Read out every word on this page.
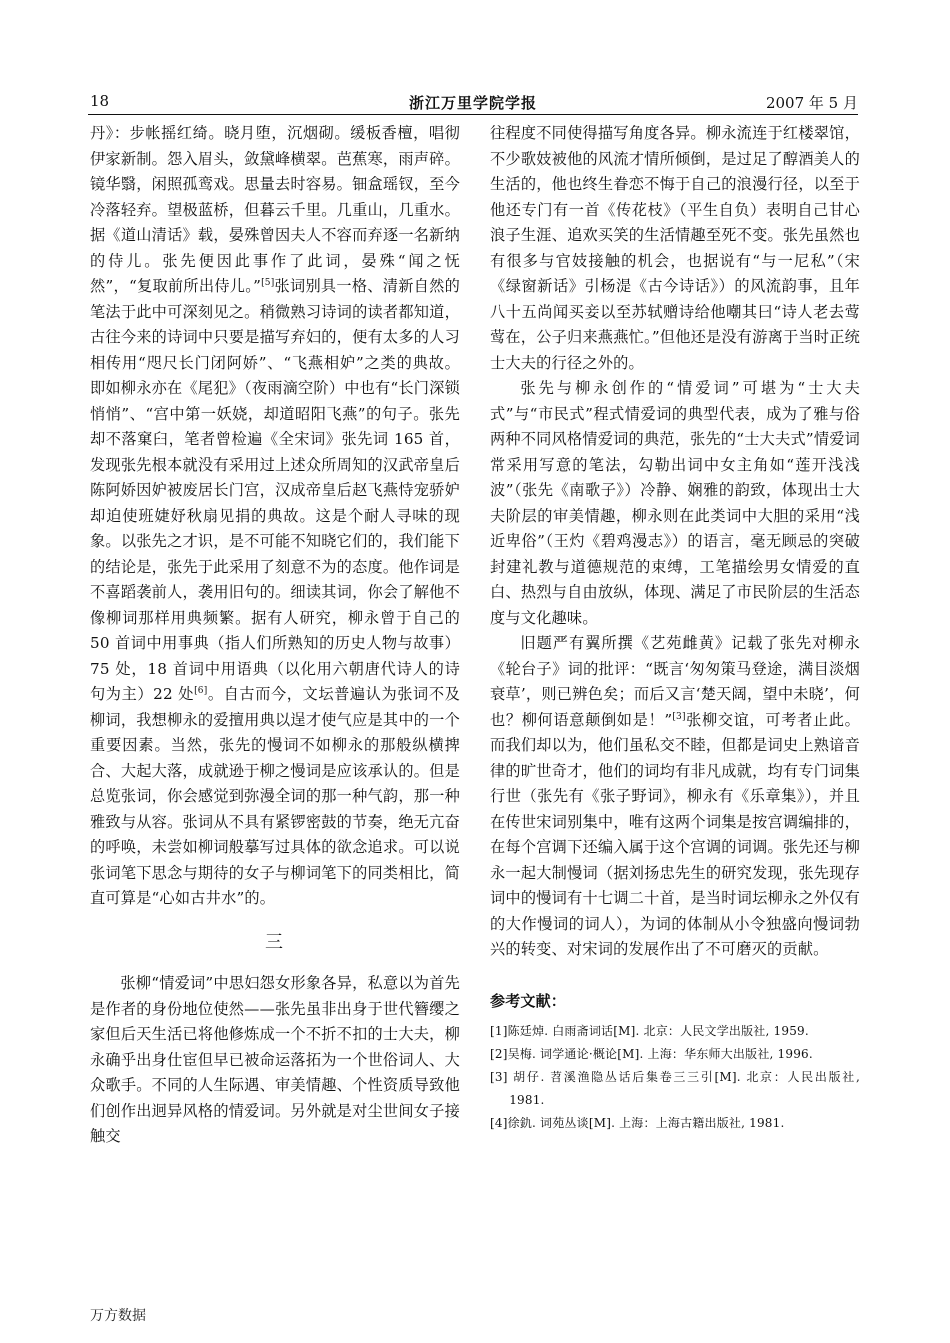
18	浙江万里学院学报	2007 年 5 月

丹》：步帐摇红绮。晓月堕，沉烟砌。缓板香檀，唱彻伊家新制。怨入眉头，敛黛峰横翠。芭蕉寒，雨声碎。镜华翳，闲照孤鸾戏。思量去时容易。钿盒瑶钗，至今冷落轻弃。望极蓝桥，但暮云千里。几重山，几重水。据《道山清话》载，晏殊曾因夫人不容而弃逐一名新纳的侍儿。张先便因此事作了此词，晏殊“闻之怃然”，“复取前所出侍儿。”[5]张词别具一格、清新自然的笔法于此中可深刻见之。稍微熟习诗词的读者都知道，古往今来的诗词中只要是描写弃妇的，便有太多的人习相传用“咫尺长门闭阿娇”、“飞燕相妒”之类的典故。即如柳永亦在《尾犯》（夜雨滴空阶）中也有“长门深锁悄悄”、“宫中第一妖娆，却道昭阳飞燕”的句子。张先却不落窠臼，笔者曾检遍《全宋词》张先词 165 首，发现张先根本就没有采用过上述众所周知的汉武帝皇后陈阿娇因妒被废居长门宫，汉成帝皇后赵飞燕恃宠骄妒却迫使班婕妤秋扇见捐的典故。这是个耐人寻味的现象。以张先之才识，是不可能不知晓它们的，我们能下的结论是，张先于此采用了刻意不为的态度。他作词是不喜蹈袭前人，袭用旧句的。细读其词，你会了解他不像柳词那样用典频繁。据有人研究，柳永曾于自己的 50 首词中用事典（指人们所熟知的历史人物与故事）75 处，18 首词中用语典（以化用六朝唐代诗人的诗句为主）22 处[6]。自古而今，文坛普遍认为张词不及柳词，我想柳永的爱擅用典以逞才使气应是其中的一个重要因素。当然，张先的慢词不如柳永的那般纵横捭合、大起大落，成就逊于柳之慢词是应该承认的。但是总览张词，你会感觉到弥漫全词的那一种气韵，那一种雅致与从容。张词从不具有紧锣密鼓的节奏，绝无亢奋的呼唤，未尝如柳词般摹写过具体的欲念追求。可以说张词笔下思念与期待的女子与柳词笔下的同类相比，简直可算是“心如古井水”的。

三

张柳“情爱词”中思妇怨女形象各异，私意以为首先是作者的身份地位使然——张先虽非出身于世代簪缨之家但后天生活已将他修炼成一个不折不扣的士大夫，柳永确乎出身仕宦但早已被命运落拓为一个世俗词人、大众歌手。不同的人生际遇、审美情趣、个性资质导致他们创作出迥异风格的情爱词。另外就是对尘世间女子接触交

往程度不同使得描写角度各异。柳永流连于红楼翠馆，不少歌妓被他的风流才情所倾倒，是过足了醇酒美人的生活的，他也终生眷恋不悔于自己的浪漫行径，以至于他还专门有一首《传花枝》（平生自负）表明自己甘心浪子生涯、追欢买笑的生活情趣至死不变。张先虽然也有很多与官妓接触的机会，也据说有“与一尼私”（宋《绿窗新话》引杨湜《古今诗话》）的风流韵事，且年八十五尚闻买妾以至苏轼赠诗给他嘲其曰“诗人老去莺莺在，公子归来燕燕忙。”但他还是没有游离于当时正统士大夫的行径之外的。

张先与柳永创作的“情爱词”可堪为“士大夫式”与“市民式”程式情爱词的典型代表，成为了雅与俗两种不同风格情爱词的典范，张先的“士大夫式”情爱词常采用写意的笔法，勾勒出词中女主角如“莲开浅浅波”（张先《南歌子》）冷静、娴雅的韵致，体现出士大夫阶层的审美情趣，柳永则在此类词中大胆的采用“浅近卑俗”（王灼《碧鸡漫志》）的语言，毫无顾忌的突破封建礼教与道德规范的束缚，工笔描绘男女情爱的直白、热烈与自由放纵，体现、满足了市民阶层的生活态度与文化趣味。

旧题严有翼所撰《艺苑雌黄》记载了张先对柳永《轮台子》词的批评：“既言‘匆匆策马登途，满目淡烟衰草’，则已辨色矣；而后又言‘楚天阔，望中未晓’，何也？柳何语意颠倒如是！”[3]张柳交谊，可考者止此。而我们却以为，他们虽私交不睦，但都是词史上熟谙音律的旷世奇才，他们的词均有非凡成就，均有专门词集行世（张先有《张子野词》，柳永有《乐章集》），并且在传世宋词别集中，唯有这两个词集是按宫调编排的，在每个宫调下还编入属于这个宫调的词调。张先还与柳永一起大制慢词（据刘扬忠先生的研究发现，张先现存词中的慢词有十七调二十首，是当时词坛柳永之外仅有的大作慢词的词人），为词的体制从小令独盛向慢词勃兴的转变、对宋词的发展作出了不可磨灭的贡献。

参考文献：
[1]陈廷焯. 白雨斋词话[M]. 北京：人民文学出版社, 1959.
[2]吴梅. 词学通论·概论[M]. 上海：华东师大出版社, 1996.
[3] 胡仔. 苕溪渔隐丛话后集卷三三引[M]. 北京：人民出版社, 1981.
[4]徐釚. 词苑丛谈[M]. 上海：上海古籍出版社, 1981.
万方数据
